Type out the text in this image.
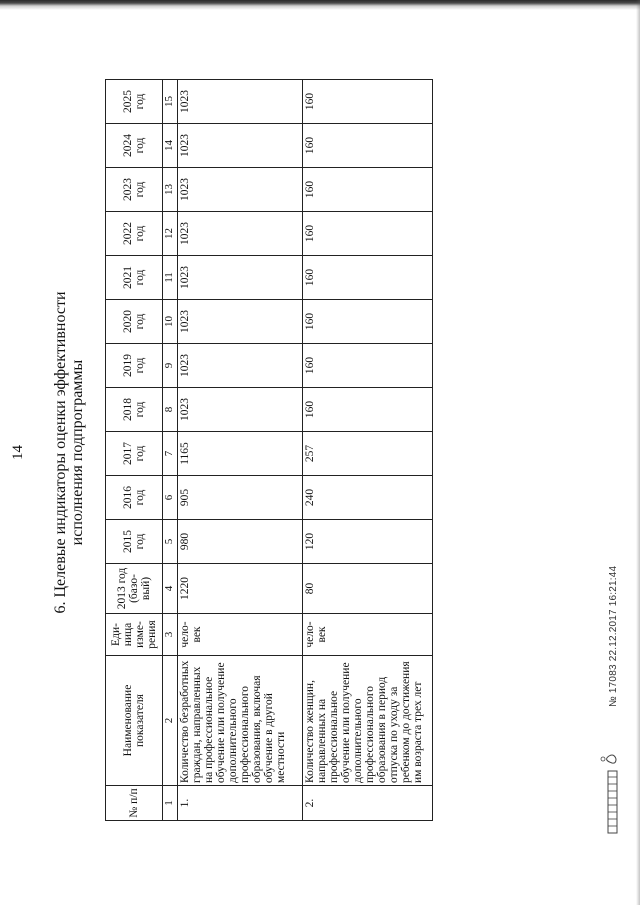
14 6. Целевые индикаторы оценки эффективности исполнения подпрограммы
№ п/п	Наименование показателя	Еди- ница изме- рения	2013 год (базо- вый)	2015 год	2016 год	2017 год	2018 год	2019 год	2020 год	2021 год	2022 год	2023 год	2024 год	2025 год
1	2	3	4	5	6	7	8	9	10	11	12	13	14	15
1.	Количество безработных граждан, направленных на профессиональное обучение или получение дополнительного профессионального образования, включая обучение в другой местности	чело- век	1220	980	905	1165	1023	1023	1023	1023	1023	1023	1023	1023
2.	Количество женщин, направленных на профессиональное обучение или получение дополнительного профессионального образования в период отпуска по уходу за ребенком до достижения им возраста трех лет	чело- век	80	120	240	257	160	160	160	160	160	160	160	160
№ 17083 22.12.2017 16:21:44
